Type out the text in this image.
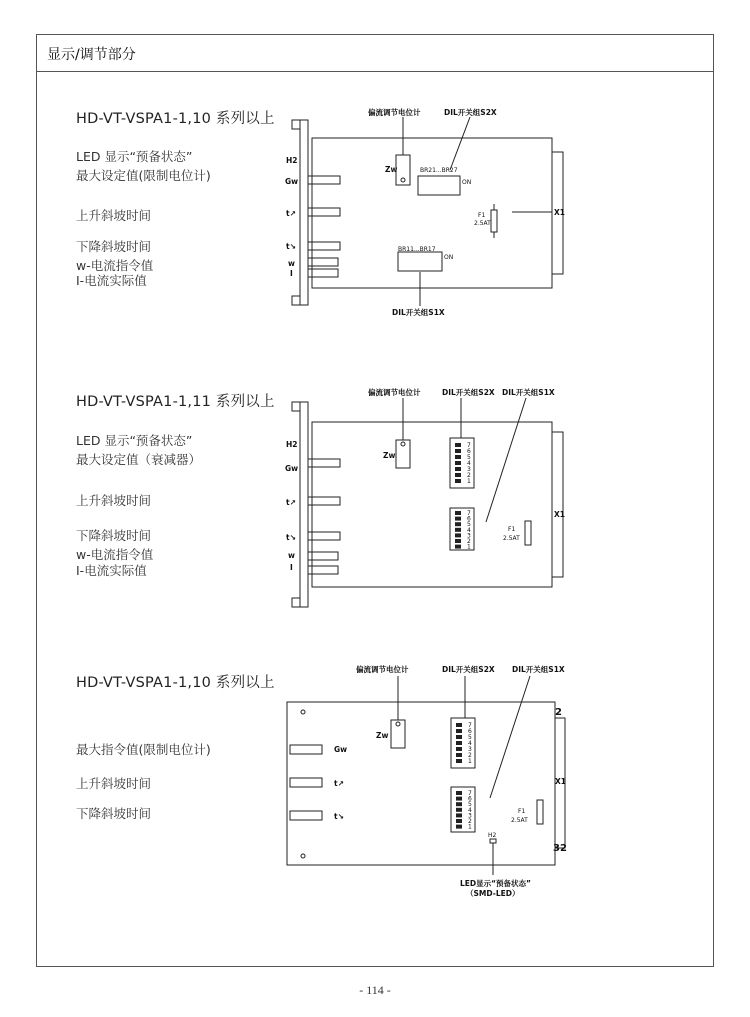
显示/调节部分
HD-VT-VSPA1-1,10 系列以上
LED 显示“预备状态”
最大设定值(限制电位计)
上升斜坡时间
下降斜坡时间
w-电流指令值
I-电流实际值
HD-VT-VSPA1-1,11 系列以上
LED 显示“预备状态”
最大设定值（衰减器）
上升斜坡时间
下降斜坡时间
w-电流指令值
I-电流实际值
HD-VT-VSPA1-1,10 系列以上
最大指令值(限制电位计)
上升斜坡时间
下降斜坡时间
偏流调节电位计	DIL开关组S2X
Zw	BR21...BR27
ON
BR11...BR17
ON
F1
2.5AT
X1
DIL开关组S1X
H2
Gw
t↗
t↘
w
I
偏流调节电位计	DIL开关组S2X DIL开关组S1X
Zw
F1
2.5AT
X1
H2
Gw
t↗
t↘
w
I
7
6
5
4
3
2
1
7
6
5
4
3
2
1
偏流调节电位计	DIL开关组S2X DIL开关组S1X
Zw
F1
2.5AT
X1
2
32
H2
Gw
t↗
t↘
LED显示“预备状态”
（SMD-LED）
7
6
5
4
3
2
1
7
6
5
4
3
2
1
- 114 -
